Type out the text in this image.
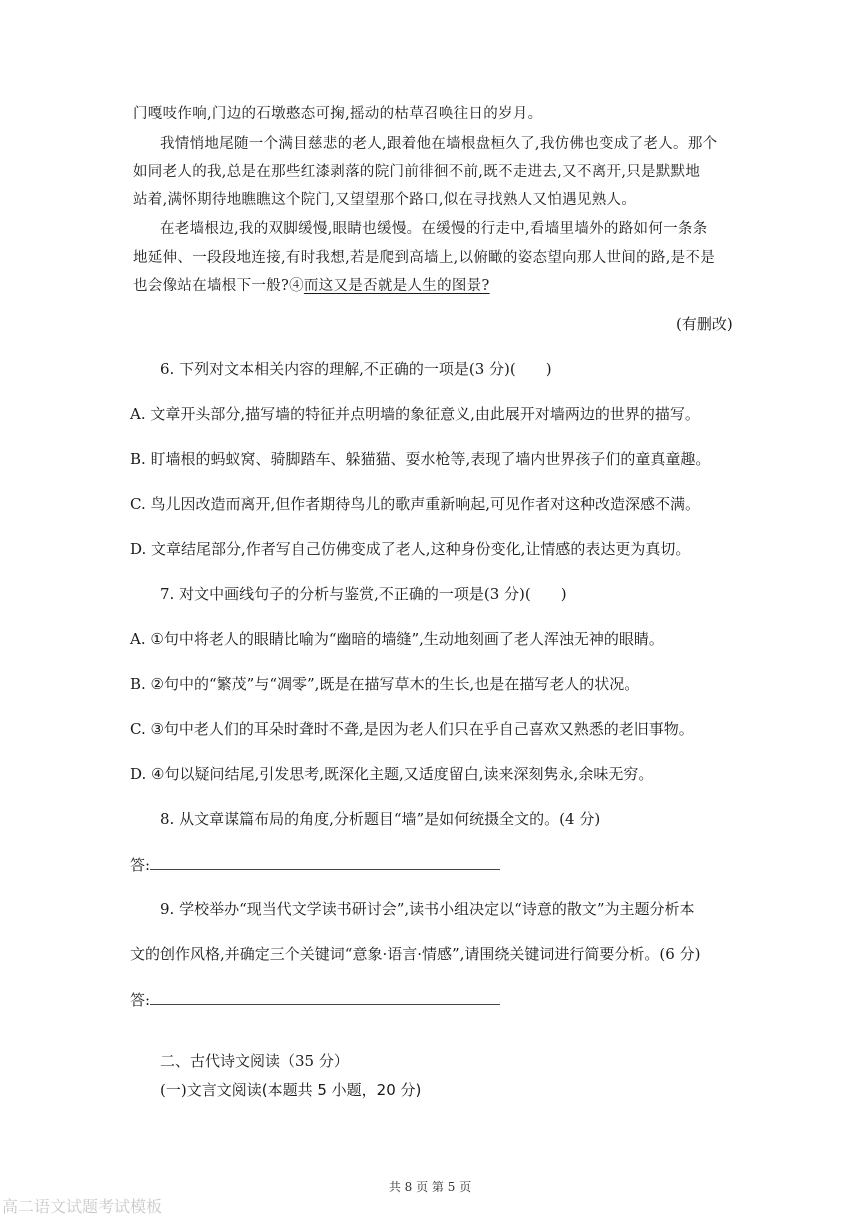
门嘎吱作响,门边的石墩憨态可掬,摇动的枯草召唤往日的岁月。
我情悄地尾随一个满目慈悲的老人,跟着他在墙根盘桓久了,我仿佛也变成了老人。那个
如同老人的我,总是在那些红漆剥落的院门前徘徊不前,既不走进去,又不离开,只是默默地
站着,满怀期待地瞧瞧这个院门,又望望那个路口,似在寻找熟人又怕遇见熟人。
在老墙根边,我的双脚缓慢,眼睛也缓慢。在缓慢的行走中,看墙里墙外的路如何一条条
地延伸、一段段地连接,有时我想,若是爬到高墙上,以俯瞰的姿态望向那人世间的路,是不是
也会像站在墙根下一般?④而这又是否就是人生的图景?
(有删改)
6. 下列对文本相关内容的理解,不正确的一项是(3 分)(　　)
A. 文章开头部分,描写墙的特征并点明墙的象征意义,由此展开对墙两边的世界的描写。
B. 盯墙根的蚂蚁窝、骑脚踏车、躲猫猫、耍水枪等,表现了墙内世界孩子们的童真童趣。
C. 鸟儿因改造而离开,但作者期待鸟儿的歌声重新响起,可见作者对这种改造深感不满。
D. 文章结尾部分,作者写自己仿佛变成了老人,这种身份变化,让情感的表达更为真切。
7. 对文中画线句子的分析与鉴赏,不正确的一项是(3 分)(　　)
A. ①句中将老人的眼睛比喻为“幽暗的墙缝”,生动地刻画了老人浑浊无神的眼睛。
B. ②句中的“繁茂”与“凋零”,既是在描写草木的生长,也是在描写老人的状况。
C. ③句中老人们的耳朵时聋时不聋,是因为老人们只在乎自己喜欢又熟悉的老旧事物。
D. ④句以疑问结尾,引发思考,既深化主题,又适度留白,读来深刻隽永,余味无穷。
8. 从文章谋篇布局的角度,分析题目“墙”是如何统摄全文的。(4 分)
答:
9. 学校举办“现当代文学读书研讨会”,读书小组决定以“诗意的散文”为主题分析本
文的创作风格,并确定三个关键词“意象·语言·情感”,请围绕关键词进行简要分析。(6 分)
答:
二、古代诗文阅读（35 分）
(一)文言文阅读(本题共 5 小题，20 分)
共 8 页 第 5 页
高二语文试题考试模板
